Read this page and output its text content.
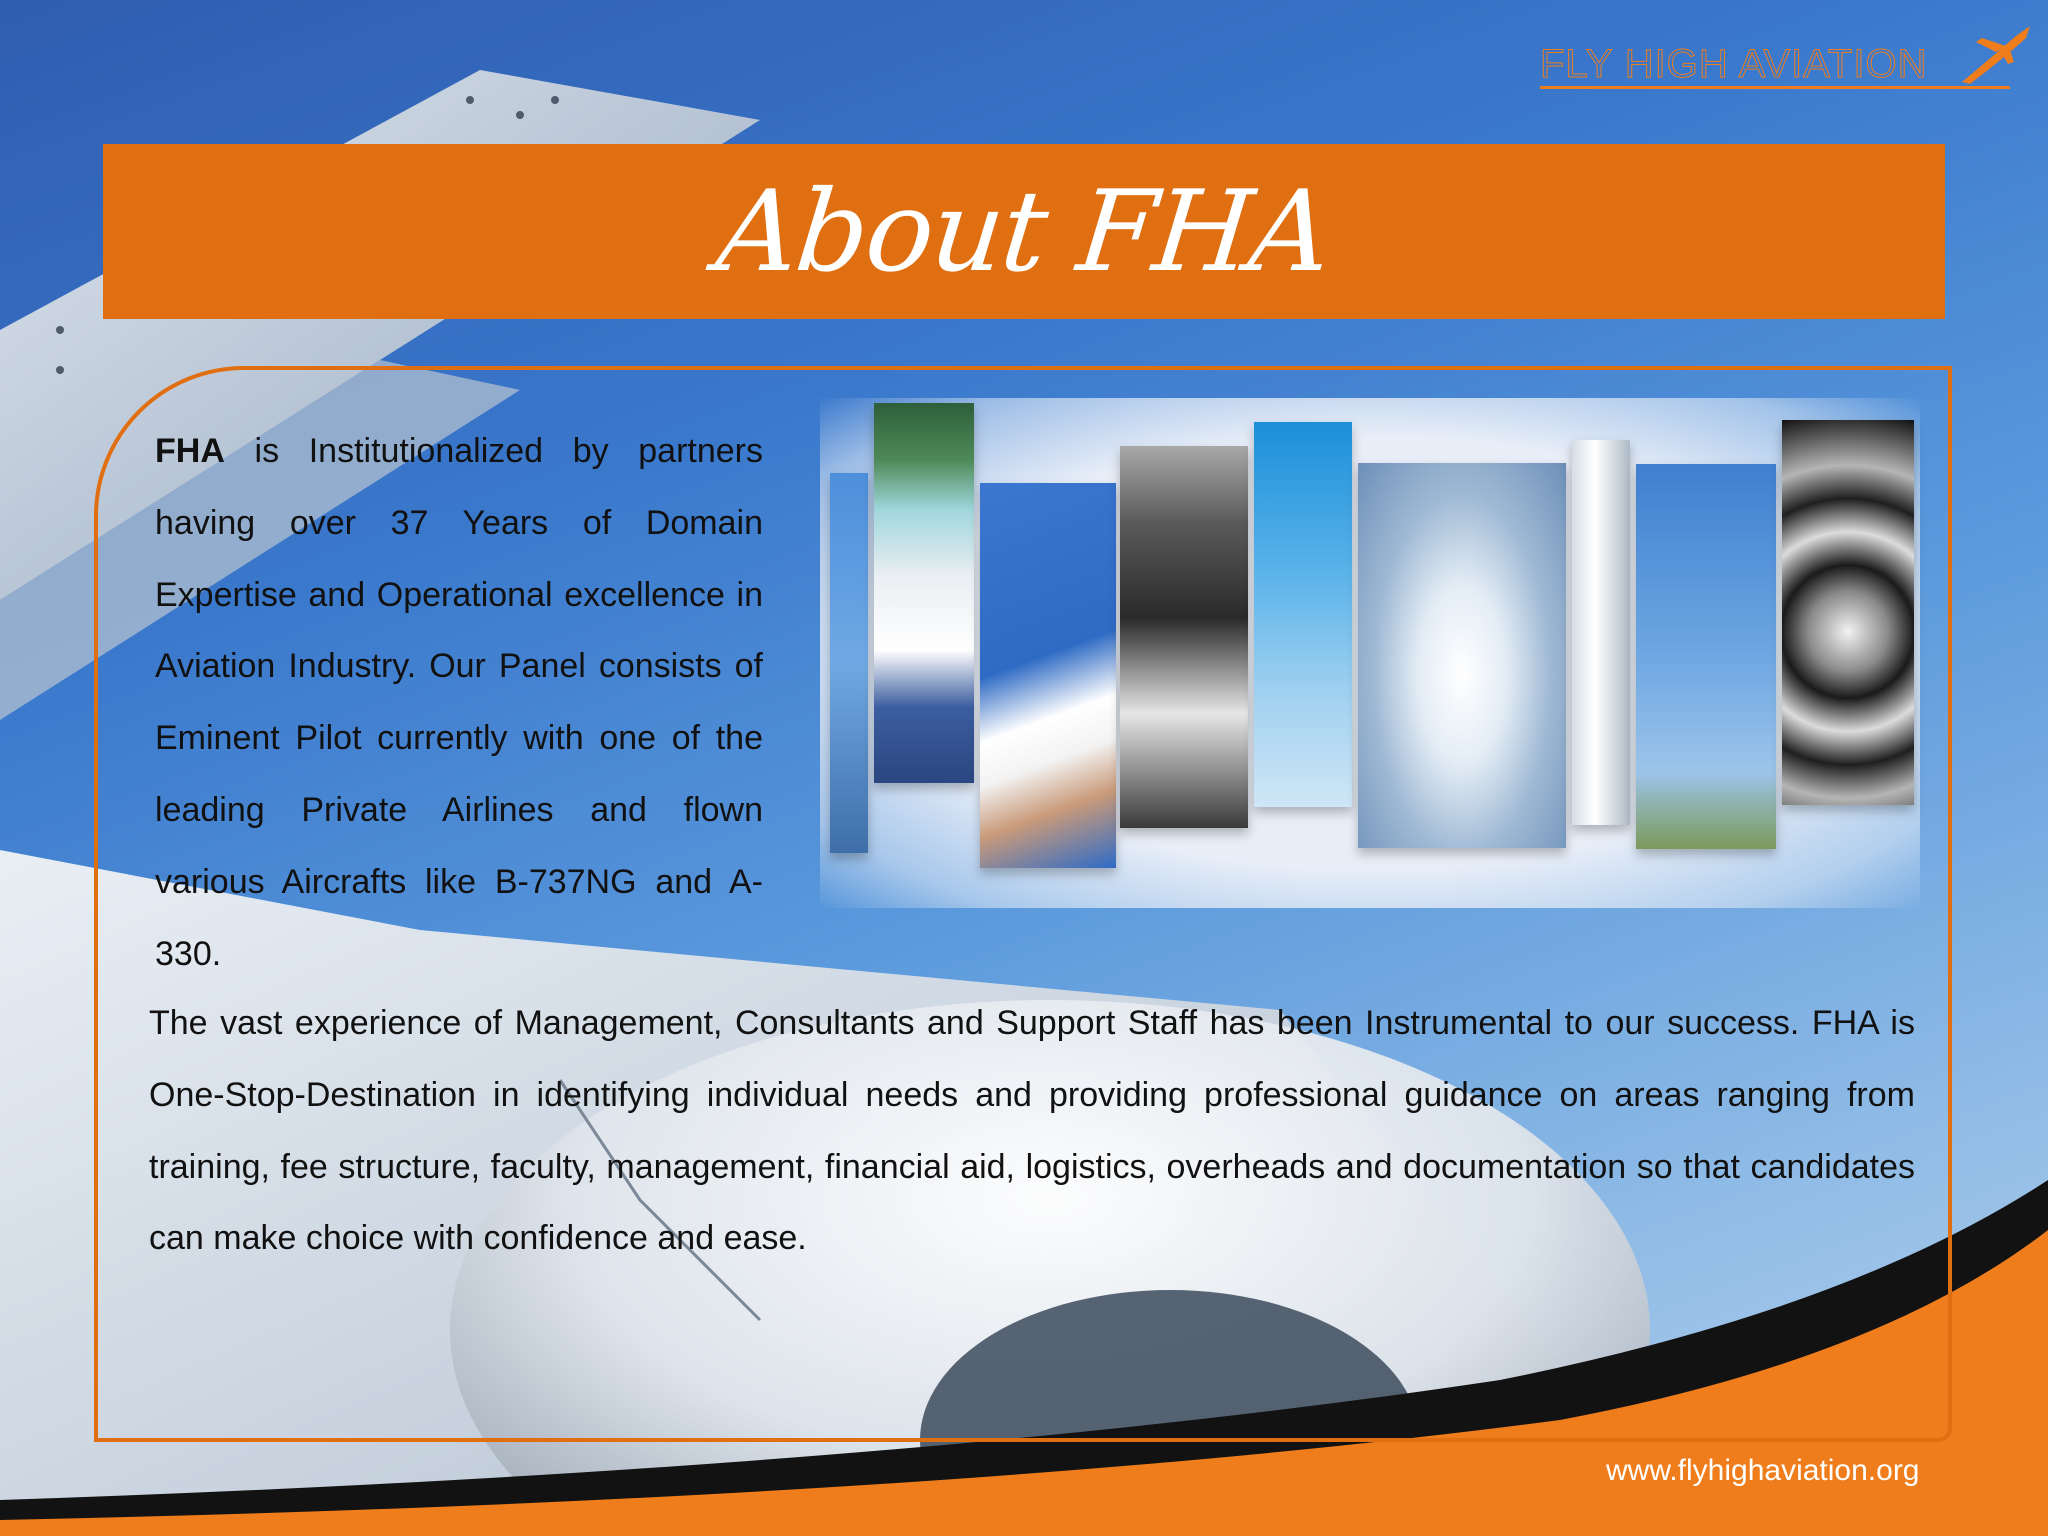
FLY HIGH AVIATION
About FHA

FHA is Institutionalized by partners having over 37 Years of Domain Expertise and Operational excellence in Aviation Industry. Our Panel consists of Eminent Pilot currently with one of the leading Private Airlines and flown various Aircrafts like B-737NG and A-330.

The vast experience of Management, Consultants and Support Staff has been Instrumental to our success. FHA is One-Stop-Destination in identifying individual needs and providing professional guidance on areas ranging from training, fee structure, faculty, management, financial aid, logistics, overheads and documentation so that candidates can make choice with confidence and ease.

www.flyhighaviation.org
